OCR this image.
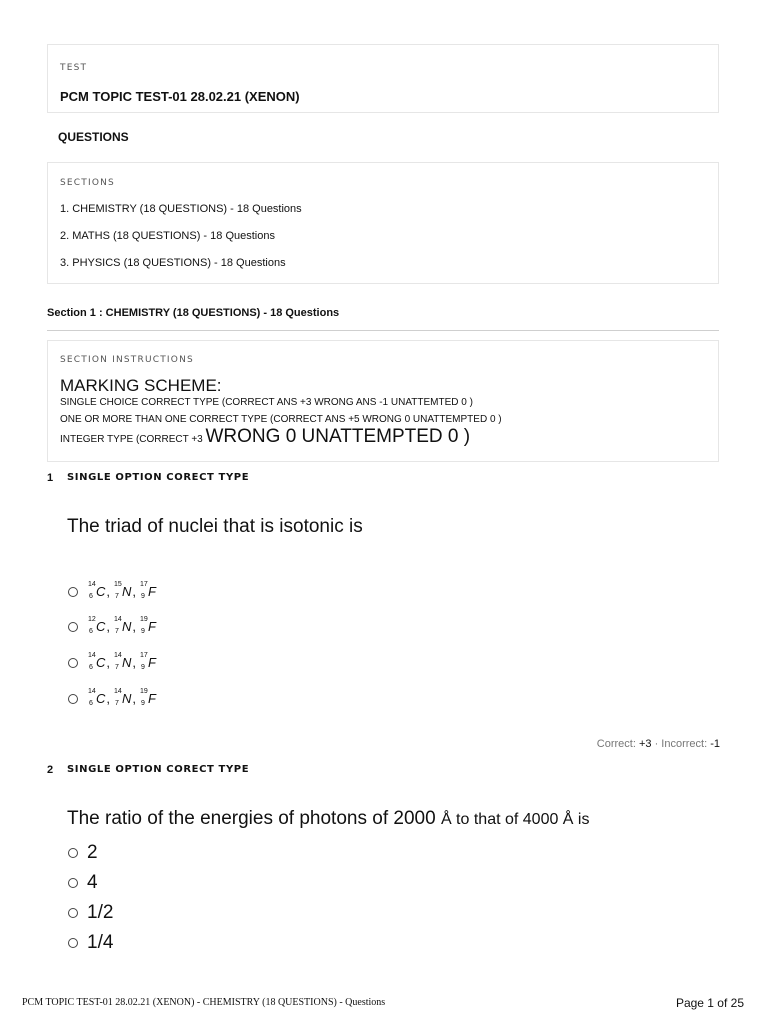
TEST
PCM TOPIC TEST-01 28.02.21 (XENON)
QUESTIONS
SECTIONS
1. CHEMISTRY (18 QUESTIONS) - 18 Questions
2. MATHS (18 QUESTIONS) - 18 Questions
3. PHYSICS (18 QUESTIONS) - 18 Questions
Section 1 : CHEMISTRY (18 QUESTIONS) - 18 Questions
SECTION INSTRUCTIONS
MARKING SCHEME:
SINGLE CHOICE CORRECT TYPE (CORRECT ANS +3 WRONG ANS -1 UNATTEMTED 0 )
ONE OR MORE THAN ONE CORRECT TYPE (CORRECT ANS +5 WRONG 0 UNATTEMPTED 0 )
INTEGER TYPE (CORRECT +3 WRONG 0 UNATTEMPTED 0 )
1 SINGLE OPTION CORECT TYPE
The triad of nuclei that is isotonic is
14
6 C, 15
7 N, 17
9 F
12
6 C, 14
7 N, 19
9 F
14
6 C, 14
7 N, 17
9 F
14
6 C, 14
7 N, 19
9 F
Correct: +3 · Incorrect: -1
2 SINGLE OPTION CORECT TYPE
The ratio of the energies of photons of 2000 Å to that of 4000 Å is
2
4
1/2
1/4
PCM TOPIC TEST-01 28.02.21 (XENON) - CHEMISTRY (18 QUESTIONS) - Questions	Page 1 of 25
